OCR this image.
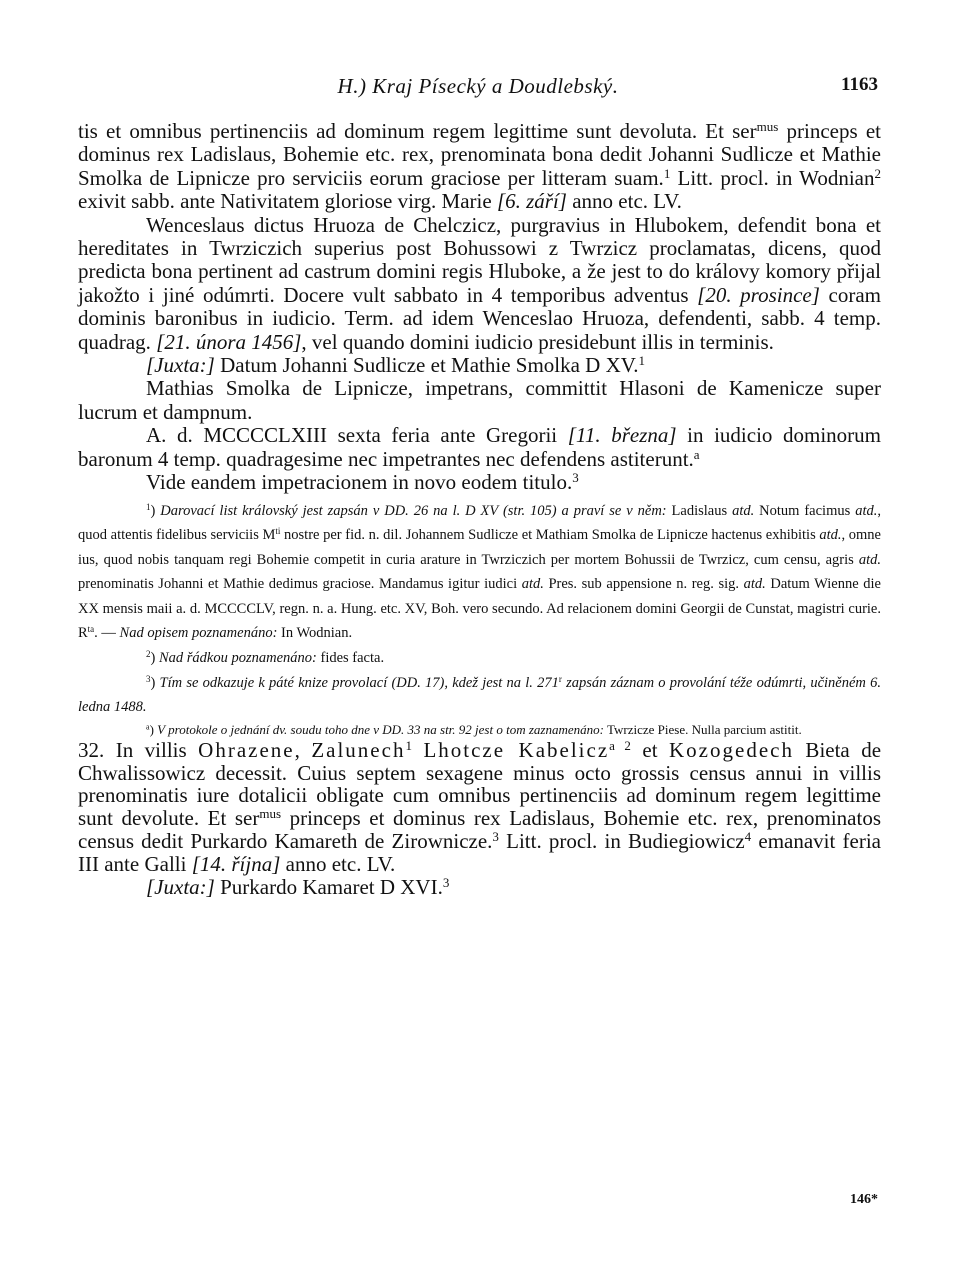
H.) Kraj Písecký a Doudlebský.	1163

tis et omnibus pertinenciis ad dominum regem legittime sunt devoluta. Et ser$^{mus}$ princeps et dominus rex Ladislaus, Bohemie etc. rex, prenominata bona dedit Johanni Sudlicze et Mathie Smolka de Lipnicze pro serviciis eorum graciose per litteram suam.$^1$ Litt. procl. in Wodnian$^2$ exivit sabb. ante Nativitatem gloriose virg. Marie [6. září] anno etc. LV.

Wenceslaus dictus Hruoza de Chelczicz, purgravius in Hlubokem, defendit bona et hereditates in Twrziczich superius post Bohussowi z Twrzicz proclamatas, dicens, quod predicta bona pertinent ad castrum domini regis Hluboke, a že jest to do královy komory přijal jakožto i jiné odúmrti. Docere vult sabbato in 4 temporibus adventus [20. prosince] coram dominis baronibus in iudicio. Term. ad idem Wenceslao Hruoza, defendenti, sabb. 4 temp. quadrag. [21. února 1456], vel quando domini iudicio presidebunt illis in terminis.

[Juxta:] Datum Johanni Sudlicze et Mathie Smolka D XV.$^1$

Mathias Smolka de Lipnicze, impetrans, committit Hlasoni de Kamenicze super lucrum et dampnum.

A. d. MCCCCLXIII sexta feria ante Gregorii [11. března] in iudicio dominorum baronum 4 temp. quadragesime nec impetrantes nec defendens astiterunt.$^a$

Vide eandem impetracionem in novo eodem titulo.$^3$

$^1$) Darovací list královský jest zapsán v DD. 26 na l. D XV (str. 105) a praví se v něm: Ladislaus atd. Notum facimus atd., quod attentis fidelibus serviciis $M^{ti}$ nostre per fid. n. dil. Johannem Sudlicze et Mathiam Smolka de Lipnicze hactenus exhibitis atd., omne ius, quod nobis tanquam regi Bohemie competit in curia arature in Twrziczich per mortem Bohussii de Twrzicz, cum censu, agris atd. prenominatis Johanni et Mathie dedimus graciose. Mandamus igitur iudici atd. Pres. sub appensione n. reg. sig. atd. Datum Wienne die XX mensis maii a. d. MCCCCLV, regn. n. a. Hung. etc. XV, Boh. vero secundo. Ad relacionem domini Georgii de Cunstat, magistri curie. $R^{ta}$. — Nad opisem poznamenáno: In Wodnian.

$^2$) Nad řádkou poznamenáno: fides facta.

$^3$) Tím se odkazuje k páté knize provolací (DD. 17), kdež jest na l. 271$^r$ zapsán záznam o provolání téže odúmrti, učiněném 6. ledna 1488.

$^a$) V protokole o jednání dv. soudu toho dne v DD. 33 na str. 92 jest o tom zaznamenáno: Twrzicze Piese. Nulla parcium astitit.

32. In villis Ohrazene, Zalunech$^1$ Lhotcze Kabelicz$^{a 2}$ et Kozogedech Bieta de Chwalissowicz decessit. Cuius septem sexagene minus octo grossis census annui in villis prenominatis iure dotalicii obligate cum omnibus pertinenciis ad dominum regem legittime sunt devolute. Et ser$^{mus}$ princeps et dominus rex Ladislaus, Bohemie etc. rex, prenominatos census dedit Purkardo Kamareth de Zirownicze.$^3$ Litt. procl. in Budiegiowicz$^4$ emanavit feria III ante Galli [14. října] anno etc. LV.

[Juxta:] Purkardo Kamaret D XVI.$^3$

146*
